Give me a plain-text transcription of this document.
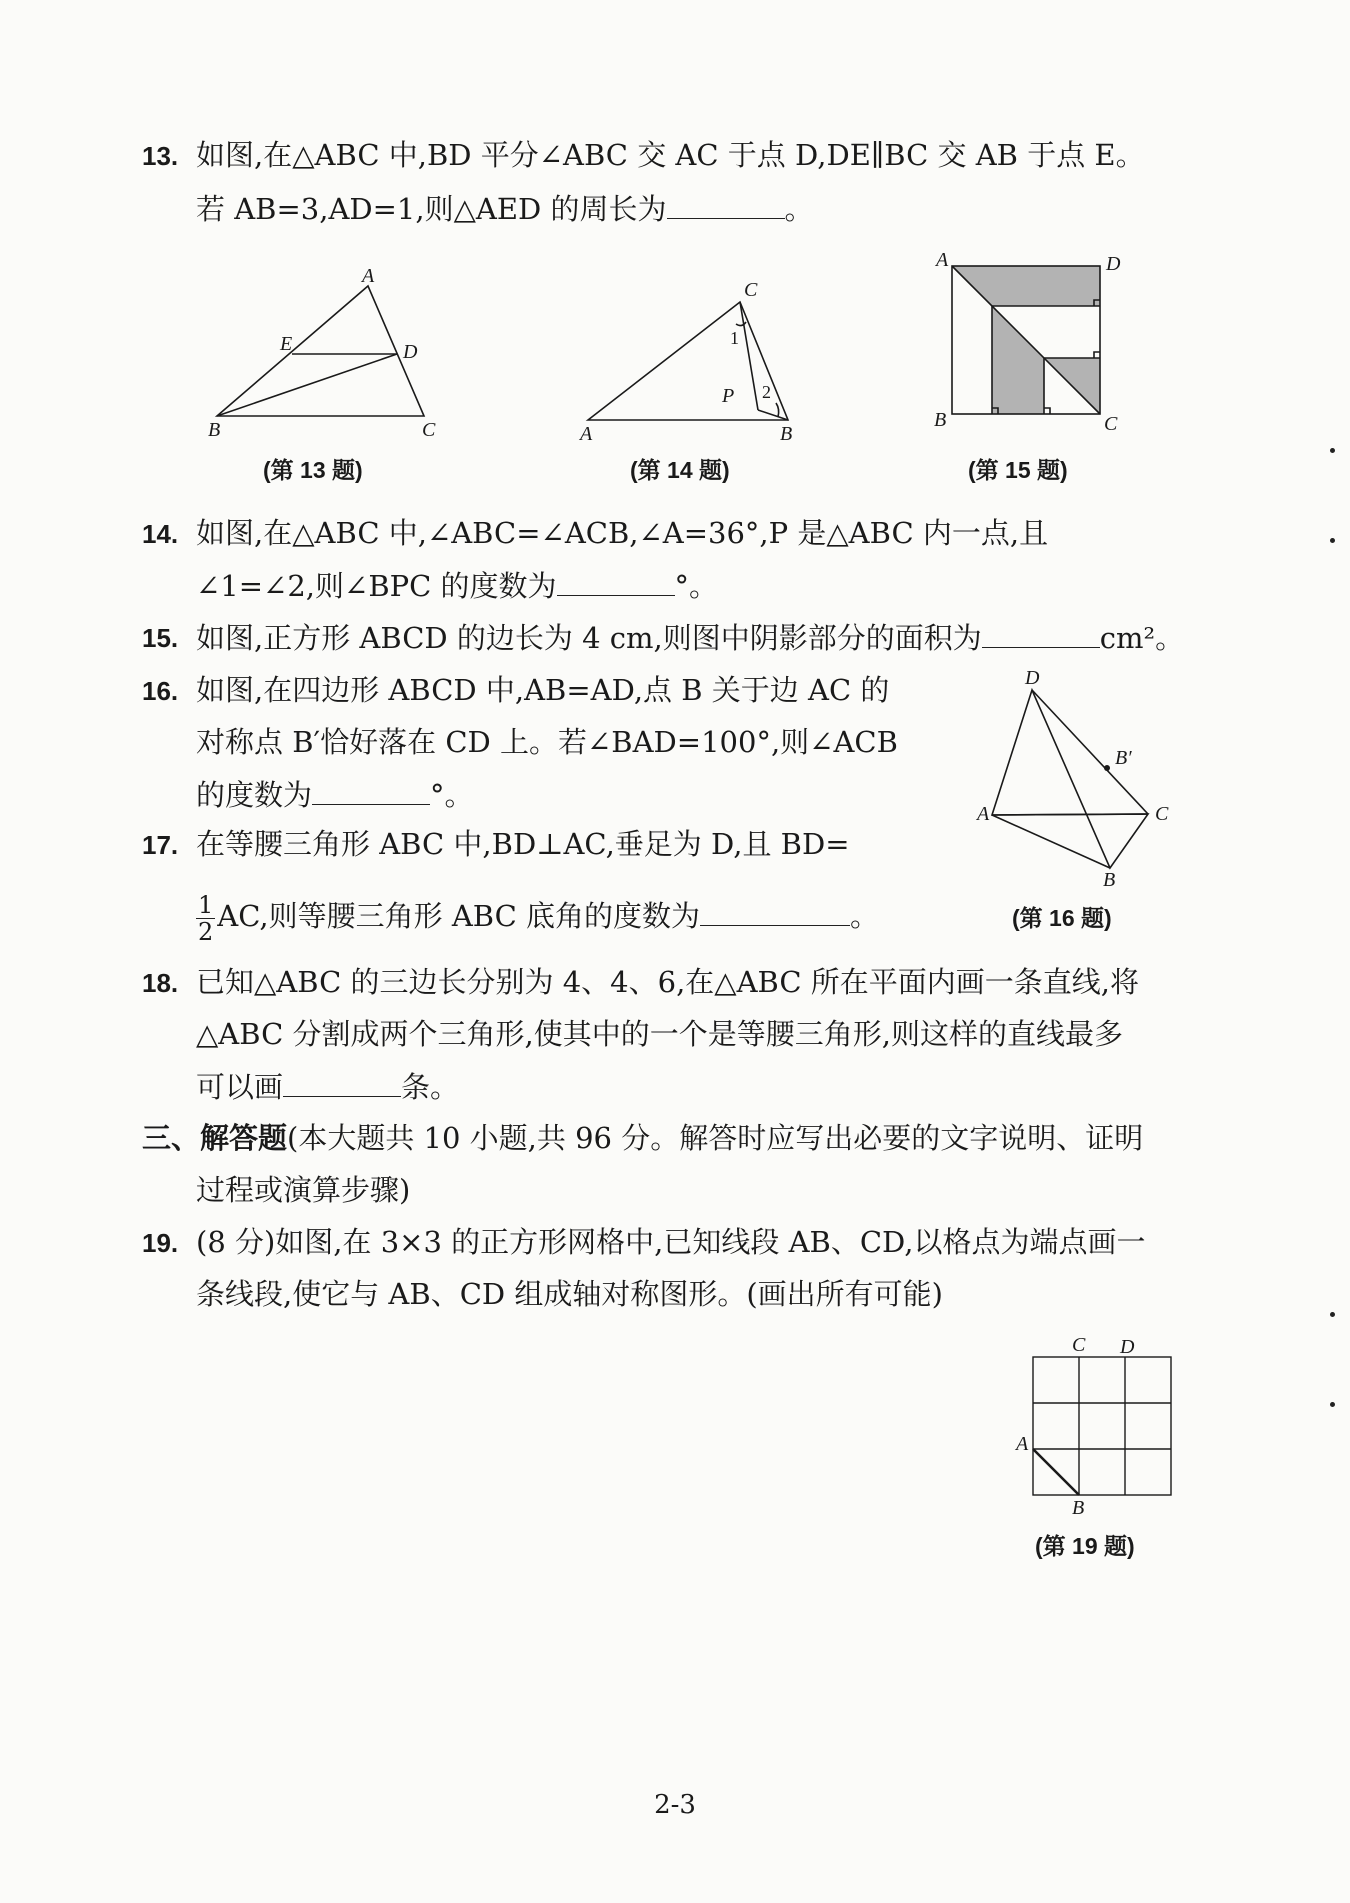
13. 如图,在△ABC 中,BD 平分∠ABC 交 AC 于点 D,DE∥BC 交 AB 于点 E。
若 AB=3,AD=1,则△AED 的周长为	。
A
E	D
B	C
(第 13 题)
C
1
2
P
A	B
(第 14 题)
A	D
B	C
(第 15 题)
14. 如图,在△ABC 中,∠ABC=∠ACB,∠A=36°,P 是△ABC 内一点,且
∠1=∠2,则∠BPC 的度数为	°。
15. 如图,正方形 ABCD 的边长为 4 cm,则图中阴影部分的面积为	cm²。
16. 如图,在四边形 ABCD 中,AB=AD,点 B 关于边 AC 的
对称点 B′恰好落在 CD 上。若∠BAD=100°,则∠ACB
的度数为	°。
D
B′
A	C
B
(第 16 题)
17. 在等腰三角形 ABC 中,BD⊥AC,垂足为 D,且 BD=
$\frac{1}{2}$ AC,则等腰三角形 ABC 底角的度数为	。
18. 已知△ABC 的三边长分别为 4、4、6,在△ABC 所在平面内画一条直线,将
△ABC 分割成两个三角形,使其中的一个是等腰三角形,则这样的直线最多
可以画	条。
三、解答题(本大题共 10 小题,共 96 分。解答时应写出必要的文字说明、证明
过程或演算步骤)
19. (8 分)如图,在 3×3 的正方形网格中,已知线段 AB、CD,以格点为端点画一
条线段,使它与 AB、CD 组成轴对称图形。(画出所有可能)
C D
A
B
(第 19 题)
2-3
